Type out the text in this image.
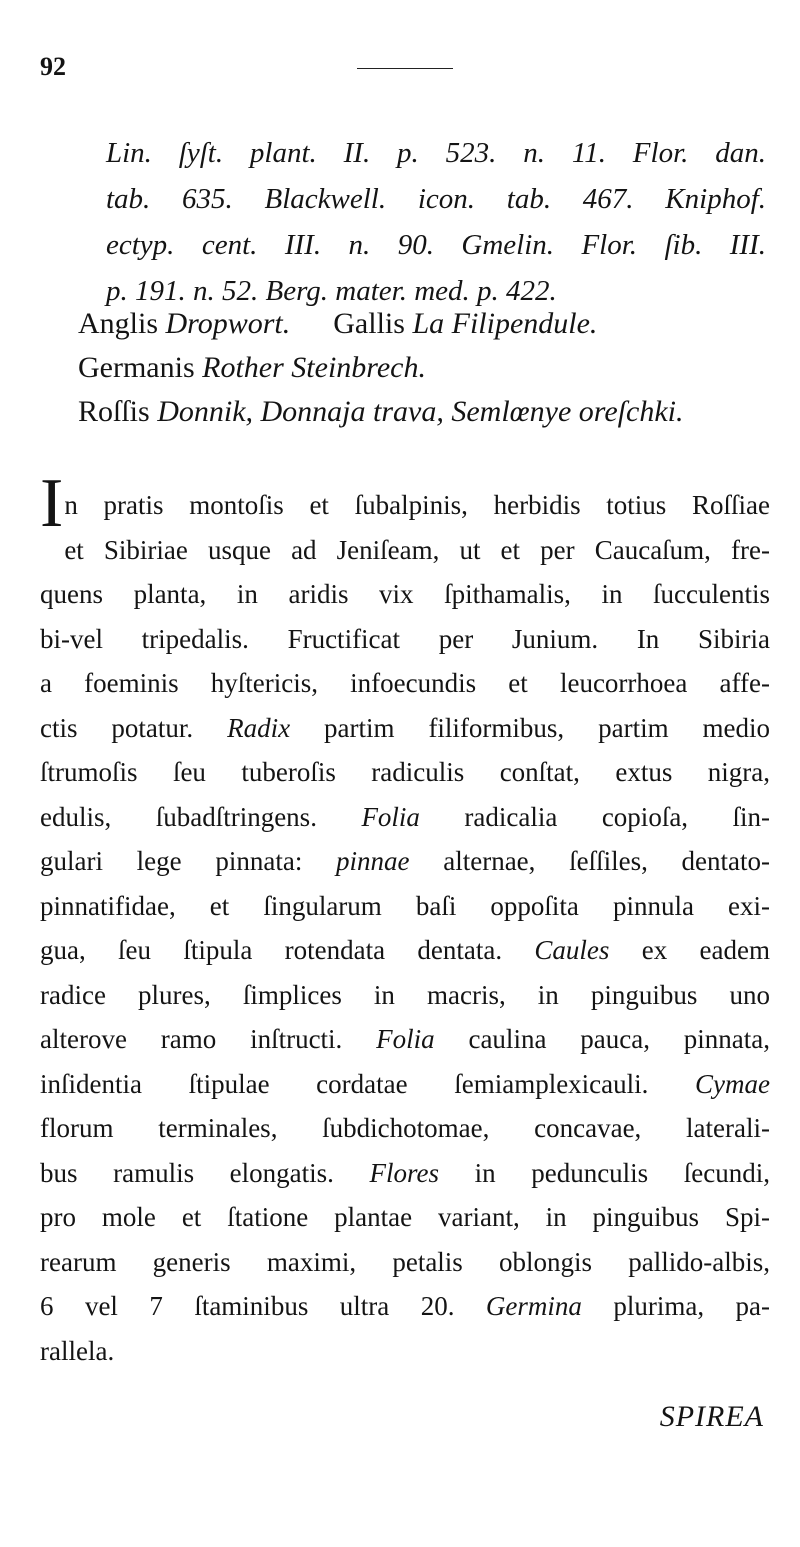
92
Lin. ſyſt. plant. II. p. 523. n. 11. Flor. dan.
tab. 635. Blackwell. icon. tab. 467. Kniphof.
ectyp. cent. III. n. 90. Gmelin. Flor. ſib. III.
p. 191. n. 52. Berg. mater. med. p. 422.
Anglis Dropwort. Gallis La Filipendule.
Germanis Rother Steinbrech.
Roſſis Donnik, Donnaja trava, Semlœnye oreſchki.
In pratis montoſis et ſubalpinis, herbidis totius Roſſiae
et Sibiriae usque ad Jeniſeam, ut et per Caucaſum, fre-
quens planta, in aridis vix ſpithamalis, in ſucculentis
bi-vel tripedalis. Fructificat per Junium. In Sibiria
a foeminis hyſtericis, infoecundis et leucorrhoea affe-
ctis potatur. Radix partim filiformibus, partim medio
ſtrumoſis ſeu tuberoſis radiculis conſtat, extus nigra,
edulis, ſubadſtringens. Folia radicalia copioſa, ſin-
gulari lege pinnata: pinnae alternae, ſeſſiles, dentato-
pinnatifidae, et ſingularum baſi oppoſita pinnula exi-
gua, ſeu ſtipula rotendata dentata. Caules ex eadem
radice plures, ſimplices in macris, in pinguibus uno
alterove ramo inſtructi. Folia caulina pauca, pinnata,
inſidentia ſtipulae cordatae ſemiamplexicauli. Cymae
florum terminales, ſubdichotomae, concavae, laterali-
bus ramulis elongatis. Flores in pedunculis ſecundi,
pro mole et ſtatione plantae variant, in pinguibus Spi-
rearum generis maximi, petalis oblongis pallido-albis,
6 vel 7 ſtaminibus ultra 20. Germina plurima, pa-
rallela.
SPIREA
